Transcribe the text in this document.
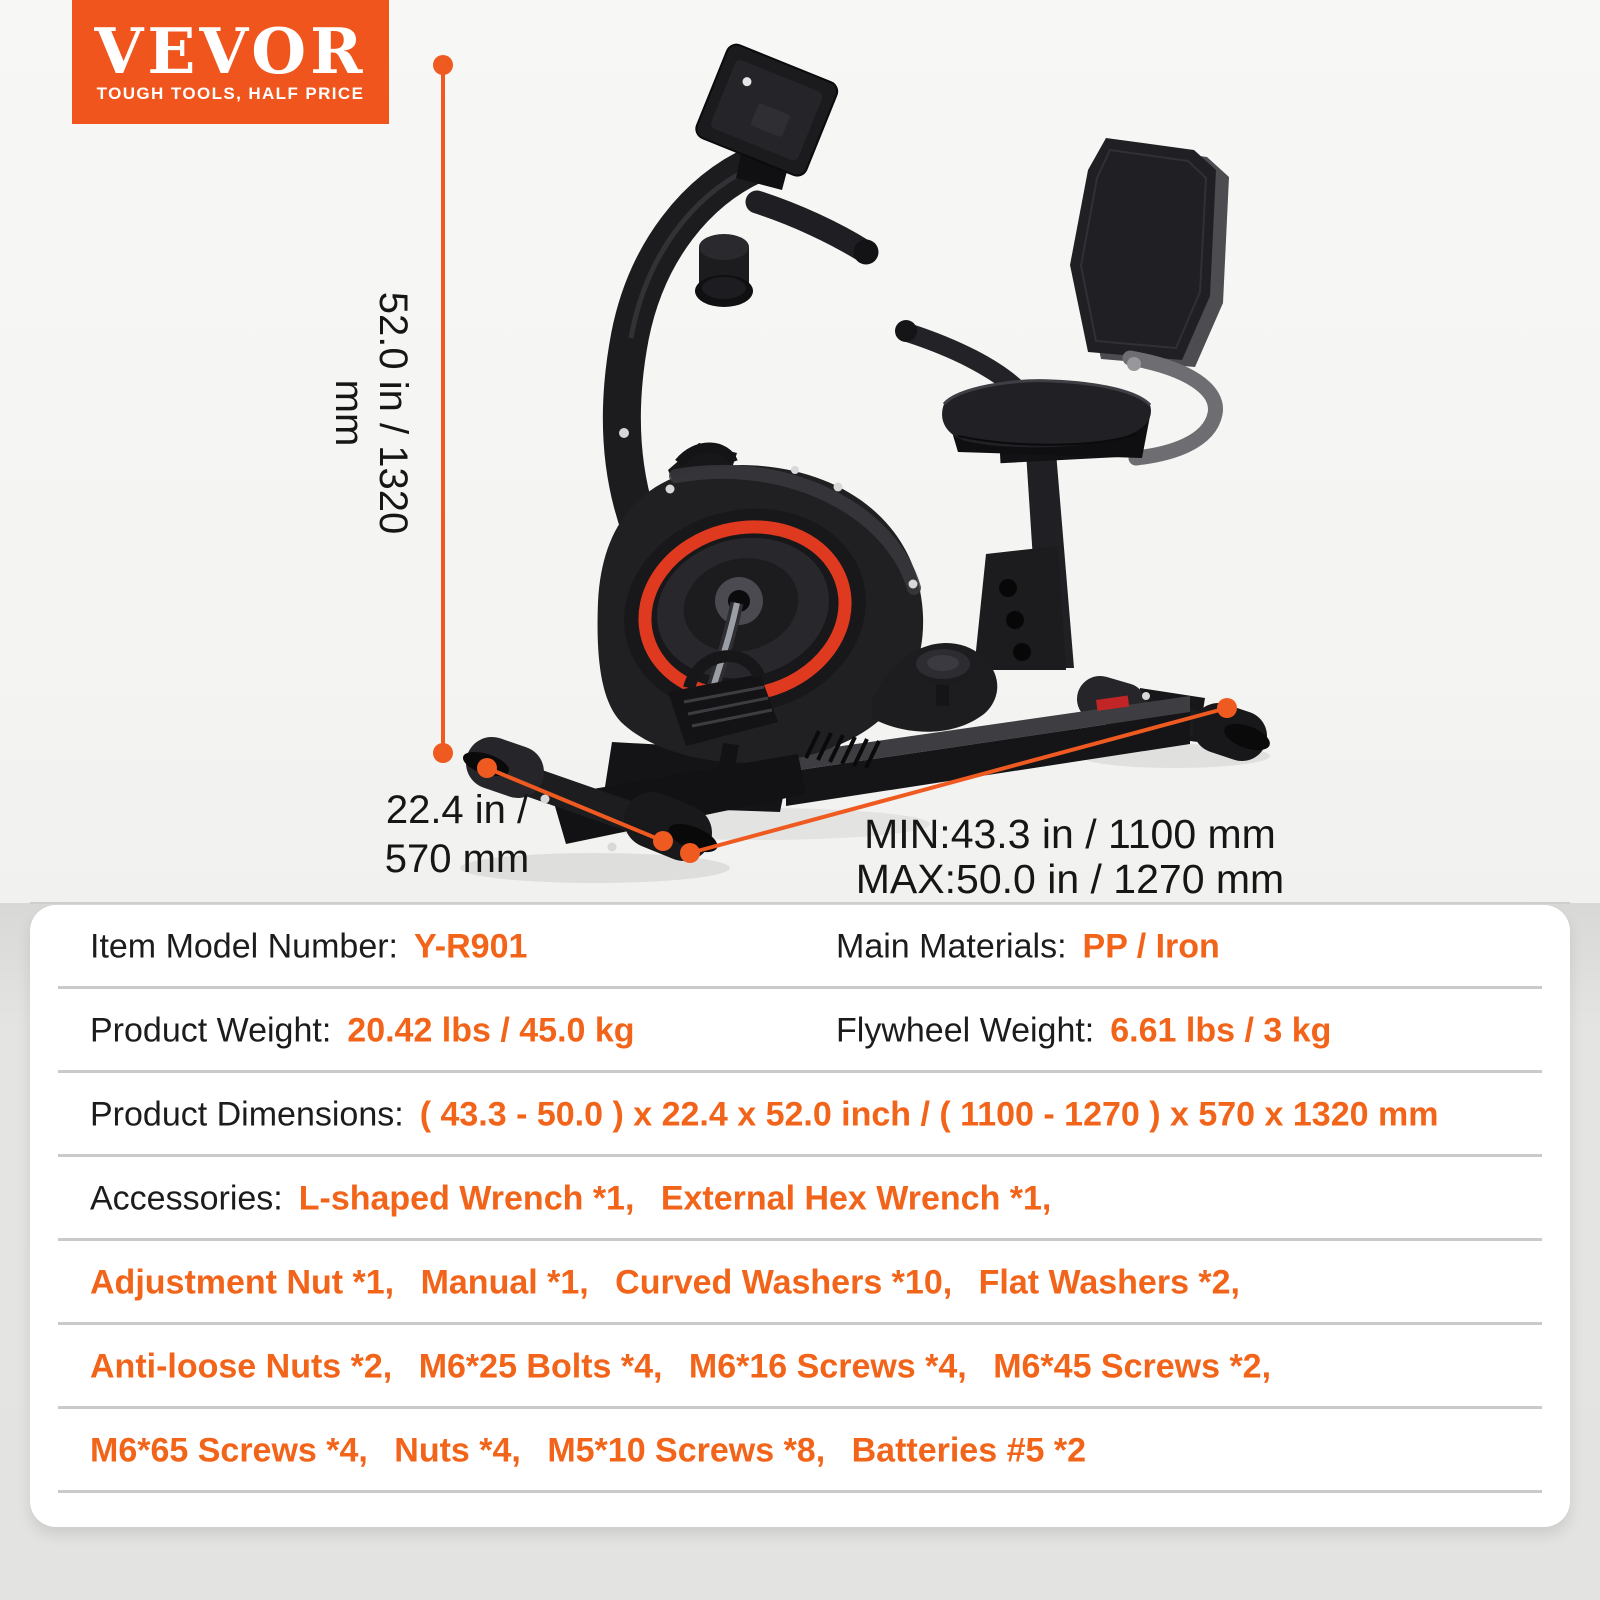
VEVOR
TOUGH TOOLS, HALF PRICE
52.0 in / 1320 mm
22.4 in /
570 mm
MIN:43.3 in / 1100 mm
MAX:50.0 in / 1270 mm
Item Model Number: Y-R901	Main Materials: PP / Iron
Product Weight: 20.42 lbs / 45.0 kg	Flywheel Weight: 6.61 lbs / 3 kg
Product Dimensions: ( 43.3 - 50.0 ) x 22.4 x 52.0 inch / ( 1100 - 1270 ) x 570 x 1320 mm
Accessories: L-shaped Wrench *1,  External Hex Wrench *1, 
Adjustment Nut *1,  Manual *1,  Curved Washers *10,  Flat Washers *2, 
Anti-loose Nuts *2,  M6*25 Bolts *4,  M6*16 Screws *4,  M6*45 Screws *2, 
M6*65 Screws *4,  Nuts *4,  M5*10 Screws *8,  Batteries #5 *2
